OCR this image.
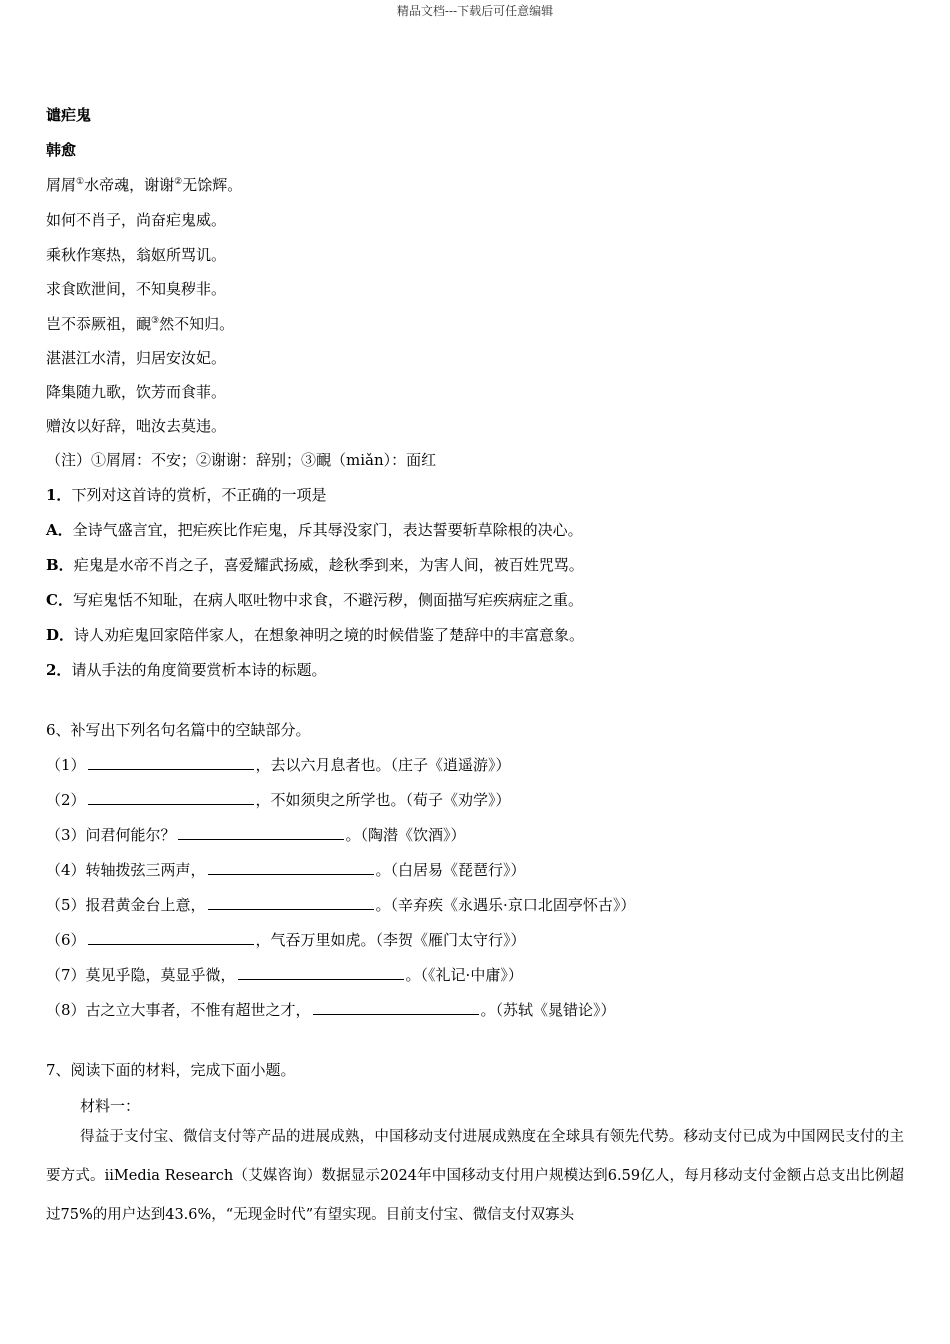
精品文档---下载后可任意编辑
谴疟鬼
韩愈
屑屑①水帝魂，谢谢②无馀辉。
如何不肖子，尚奋疟鬼威。
乘秋作寒热，翁妪所骂讥。
求食欧泄间，不知臭秽非。
岂不忝厥祖，靦③然不知归。
湛湛江水清，归居安汝妃。
降集随九歌，饮芳而食菲。
赠汝以好辞，咄汝去莫违。
（注）①屑屑：不安；②谢谢：辞别；③靦（miǎn）：面红
1．下列对这首诗的赏析，不正确的一项是
A．全诗气盛言宜，把疟疾比作疟鬼，斥其辱没家门，表达誓要斩草除根的决心。
B．疟鬼是水帝不肖之子，喜爱耀武扬威，趁秋季到来，为害人间，被百姓咒骂。
C．写疟鬼恬不知耻，在病人呕吐物中求食，不避污秽，侧面描写疟疾病症之重。
D．诗人劝疟鬼回家陪伴家人，在想象神明之境的时候借鉴了楚辞中的丰富意象。
2．请从手法的角度简要赏析本诗的标题。
6、补写出下列名句名篇中的空缺部分。
（1）	，去以六月息者也。（庄子《逍遥游》）
（2）	，不如须臾之所学也。（荀子《劝学》）
（3）问君何能尔？	。（陶潜《饮酒》）
（4）转轴拨弦三两声，	。（白居易《琵琶行》）
（5）报君黄金台上意，	。（辛弃疾《永遇乐·京口北固亭怀古》）
（6）	，气吞万里如虎。（李贺《雁门太守行》）
（7）莫见乎隐，莫显乎微，	。（《礼记·中庸》）
（8）古之立大事者，不惟有超世之才，	。（苏轼《晁错论》）
7、阅读下面的材料，完成下面小题。
材料一：
得益于支付宝、微信支付等产品的进展成熟，中国移动支付进展成熟度在全球具有领先代势。移动支付已成为中国网民支付的主要方式。iiMedia Research（艾媒咨询）数据显示2024年中国移动支付用户规模达到6.59亿人，每月移动支付金额占总支出比例超过75%的用户达到43.6%，“无现金时代”有望实现。目前支付宝、微信支付双寡头
